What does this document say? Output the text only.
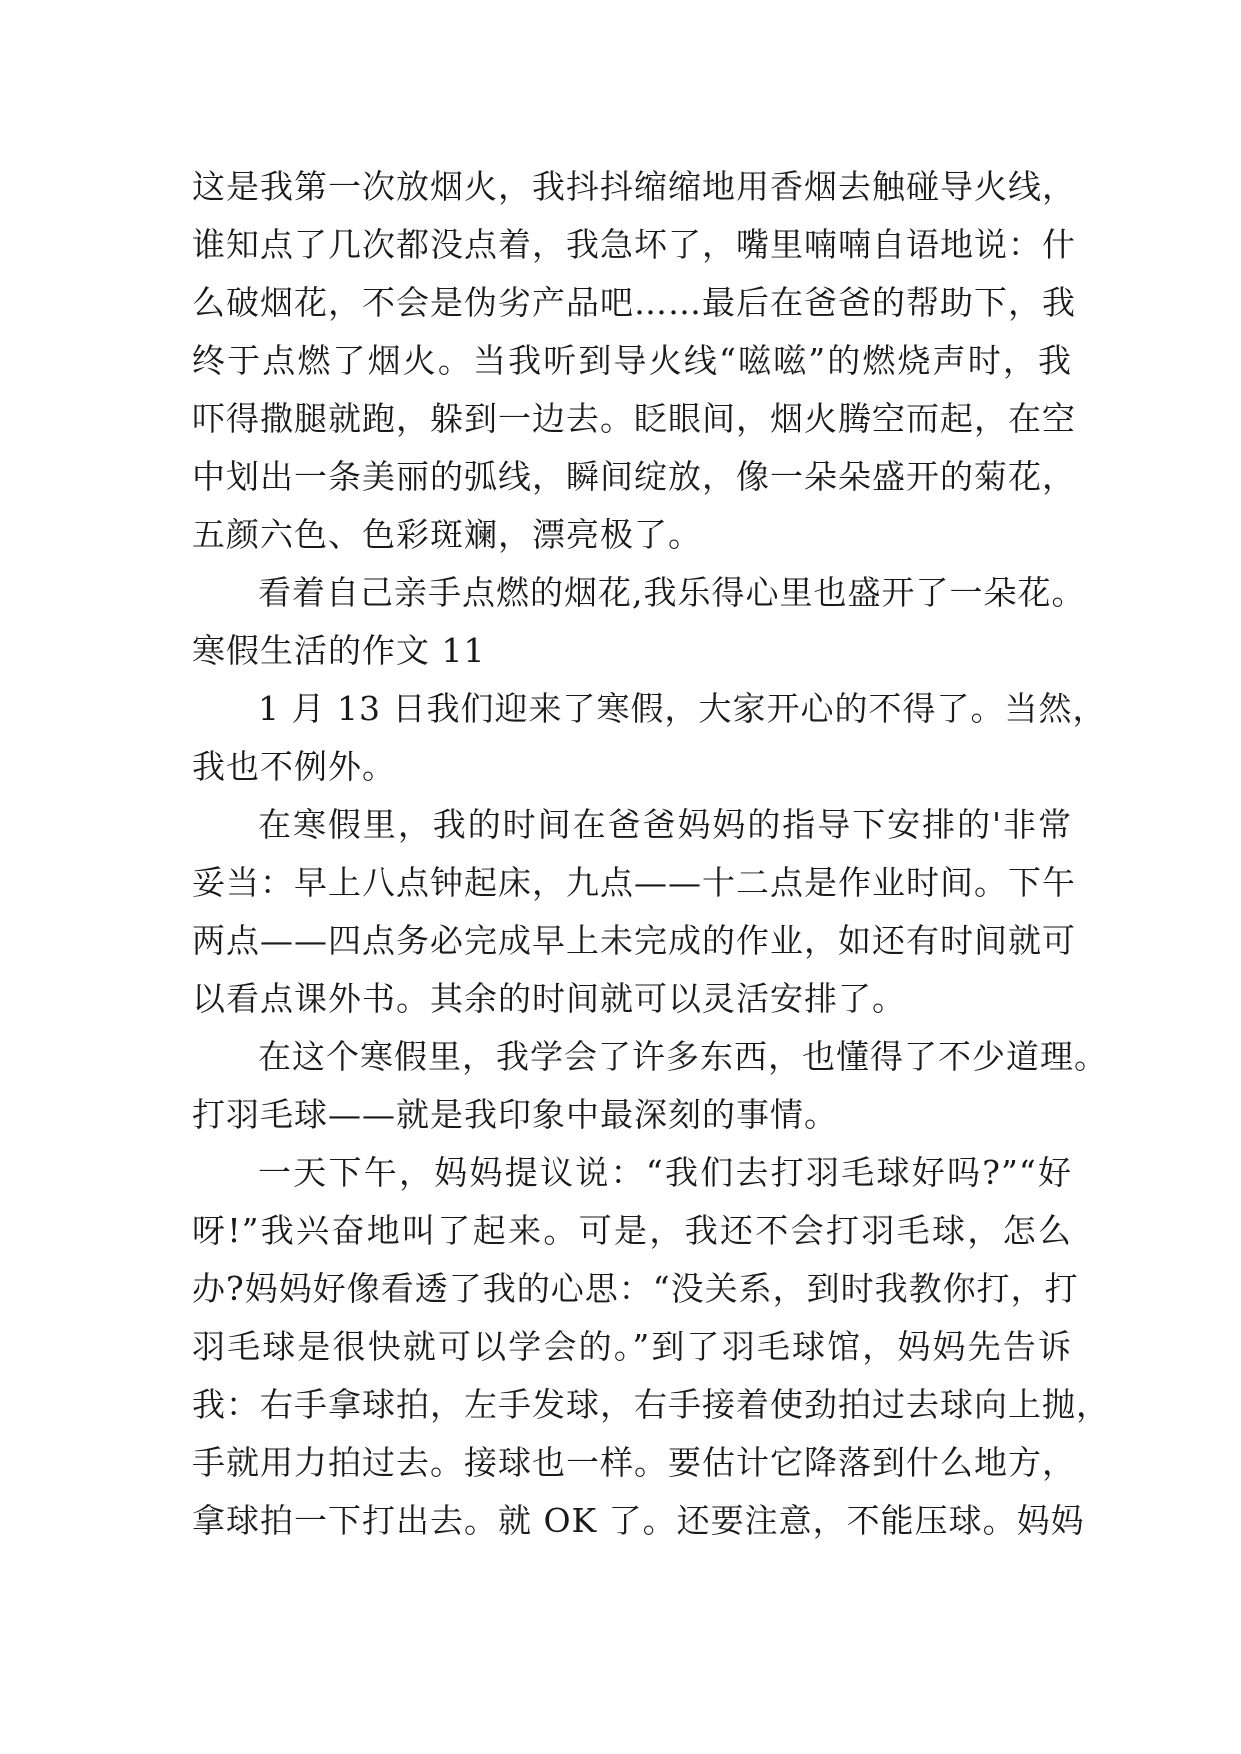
这是我第一次放烟火，我抖抖缩缩地用香烟去触碰导火线，
谁知点了几次都没点着，我急坏了，嘴里喃喃自语地说：什
么破烟花，不会是伪劣产品吧……最后在爸爸的帮助下，我
终于点燃了烟火。当我听到导火线“嗞嗞”的燃烧声时，我
吓得撒腿就跑，躲到一边去。眨眼间，烟火腾空而起，在空
中划出一条美丽的弧线，瞬间绽放，像一朵朵盛开的菊花，
五颜六色、色彩斑斓，漂亮极了。
看着自己亲手点燃的烟花,我乐得心里也盛开了一朵花。
寒假生活的作文 11
1 月 13 日我们迎来了寒假，大家开心的不得了。当然，
我也不例外。
在寒假里，我的时间在爸爸妈妈的指导下安排的'非常
妥当：早上八点钟起床，九点——十二点是作业时间。下午
两点——四点务必完成早上未完成的作业，如还有时间就可
以看点课外书。其余的时间就可以灵活安排了。
在这个寒假里，我学会了许多东西，也懂得了不少道理。
打羽毛球——就是我印象中最深刻的事情。
一天下午，妈妈提议说：“我们去打羽毛球好吗?”“好
呀!”我兴奋地叫了起来。可是，我还不会打羽毛球，怎么
办?妈妈好像看透了我的心思：“没关系，到时我教你打，打
羽毛球是很快就可以学会的。”到了羽毛球馆，妈妈先告诉
我：右手拿球拍，左手发球，右手接着使劲拍过去球向上抛，
手就用力拍过去。接球也一样。要估计它降落到什么地方，
拿球拍一下打出去。就 OK 了。还要注意，不能压球。妈妈
